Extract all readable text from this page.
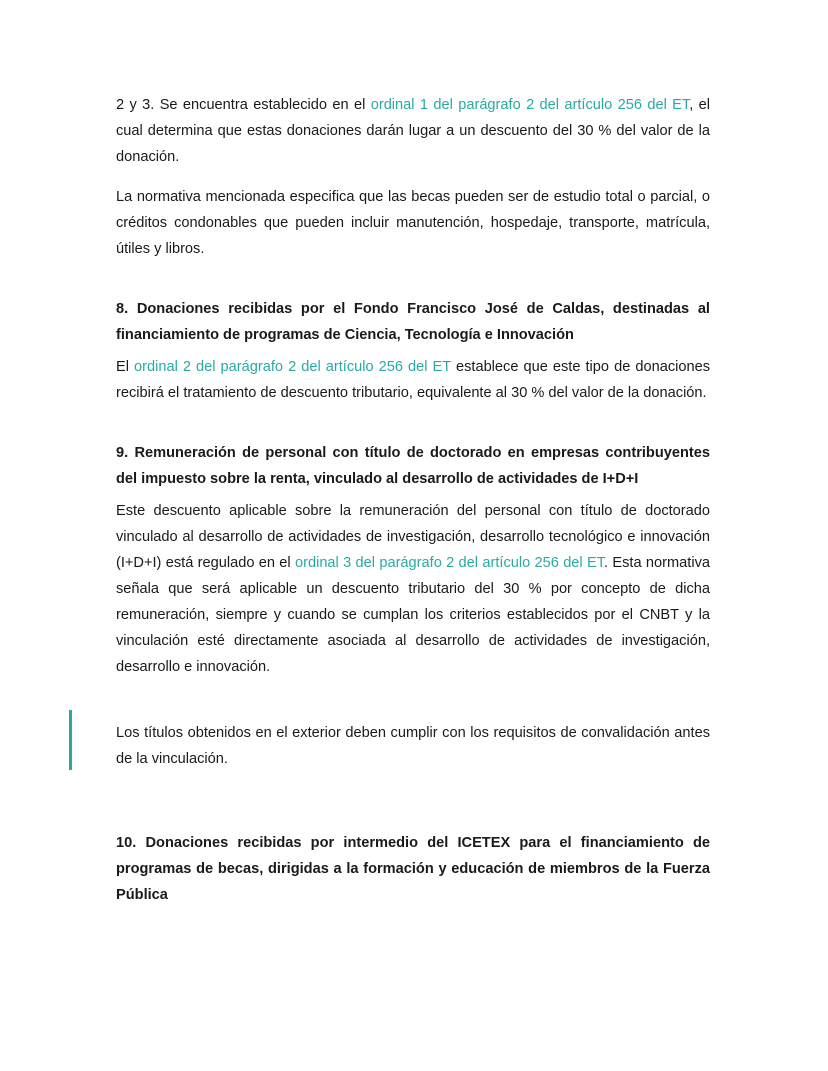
2 y 3. Se encuentra establecido en el ordinal 1 del parágrafo 2 del artículo 256 del ET, el cual determina que estas donaciones darán lugar a un descuento del 30 % del valor de la donación.

La normativa mencionada especifica que las becas pueden ser de estudio total o parcial, o créditos condonables que pueden incluir manutención, hospedaje, transporte, matrícula, útiles y libros.

8. Donaciones recibidas por el Fondo Francisco José de Caldas, destinadas al financiamiento de programas de Ciencia, Tecnología e Innovación

El ordinal 2 del parágrafo 2 del artículo 256 del ET establece que este tipo de donaciones recibirá el tratamiento de descuento tributario, equivalente al 30 % del valor de la donación.

9. Remuneración de personal con título de doctorado en empresas contribuyentes del impuesto sobre la renta, vinculado al desarrollo de actividades de I+D+I

Este descuento aplicable sobre la remuneración del personal con título de doctorado vinculado al desarrollo de actividades de investigación, desarrollo tecnológico e innovación (I+D+I) está regulado en el ordinal 3 del parágrafo 2 del artículo 256 del ET. Esta normativa señala que será aplicable un descuento tributario del 30 % por concepto de dicha remuneración, siempre y cuando se cumplan los criterios establecidos por el CNBT y la vinculación esté directamente asociada al desarrollo de actividades de investigación, desarrollo e innovación.

Los títulos obtenidos en el exterior deben cumplir con los requisitos de convalidación antes de la vinculación.

10. Donaciones recibidas por intermedio del ICETEX para el financiamiento de programas de becas, dirigidas a la formación y educación de miembros de la Fuerza Pública
